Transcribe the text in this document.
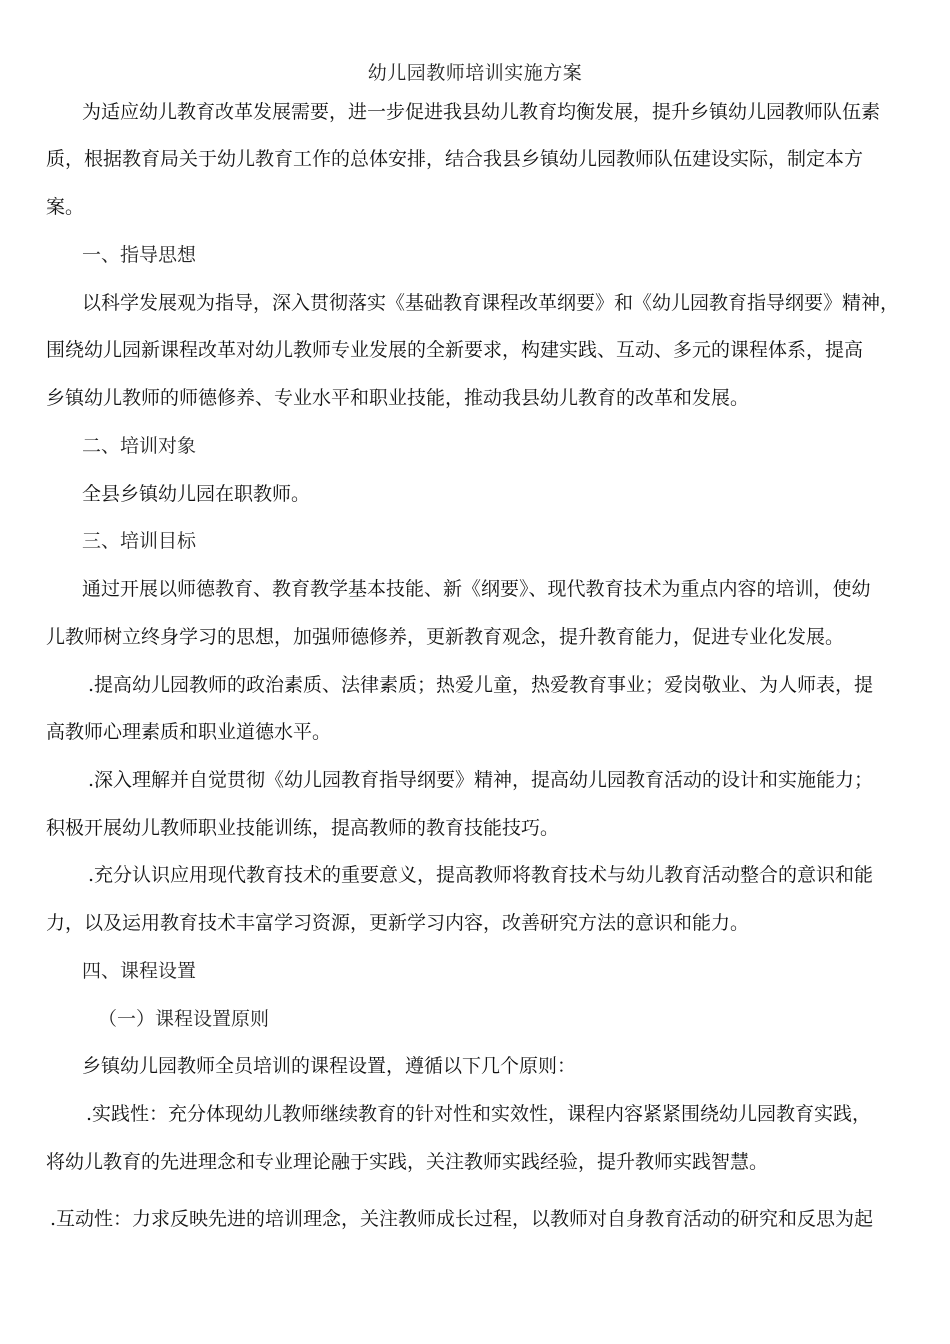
幼儿园教师培训实施方案
为适应幼儿教育改革发展需要，进一步促进我县幼儿教育均衡发展，提升乡镇幼儿园教师队伍素
质，根据教育局关于幼儿教育工作的总体安排，结合我县乡镇幼儿园教师队伍建设实际，制定本方
案。
一、指导思想
以科学发展观为指导，深入贯彻落实《基础教育课程改革纲要》和《幼儿园教育指导纲要》精神，
围绕幼儿园新课程改革对幼儿教师专业发展的全新要求，构建实践、互动、多元的课程体系，提高
乡镇幼儿教师的师德修养、专业水平和职业技能，推动我县幼儿教育的改革和发展。
二、培训对象
全县乡镇幼儿园在职教师。
三、培训目标
通过开展以师德教育、教育教学基本技能、新《纲要》、现代教育技术为重点内容的培训，使幼
儿教师树立终身学习的思想，加强师德修养，更新教育观念，提升教育能力，促进专业化发展。
.提高幼儿园教师的政治素质、法律素质；热爱儿童，热爱教育事业；爱岗敬业、为人师表，提
高教师心理素质和职业道德水平。
.深入理解并自觉贯彻《幼儿园教育指导纲要》精神，提高幼儿园教育活动的设计和实施能力；
积极开展幼儿教师职业技能训练，提高教师的教育技能技巧。
.充分认识应用现代教育技术的重要意义，提高教师将教育技术与幼儿教育活动整合的意识和能
力，以及运用教育技术丰富学习资源，更新学习内容，改善研究方法的意识和能力。
四、课程设置
（一）课程设置原则
乡镇幼儿园教师全员培训的课程设置，遵循以下几个原则：
.实践性：充分体现幼儿教师继续教育的针对性和实效性，课程内容紧紧围绕幼儿园教育实践，
将幼儿教育的先进理念和专业理论融于实践，关注教师实践经验，提升教师实践智慧。
.互动性：力求反映先进的培训理念，关注教师成长过程，以教师对自身教育活动的研究和反思为起
